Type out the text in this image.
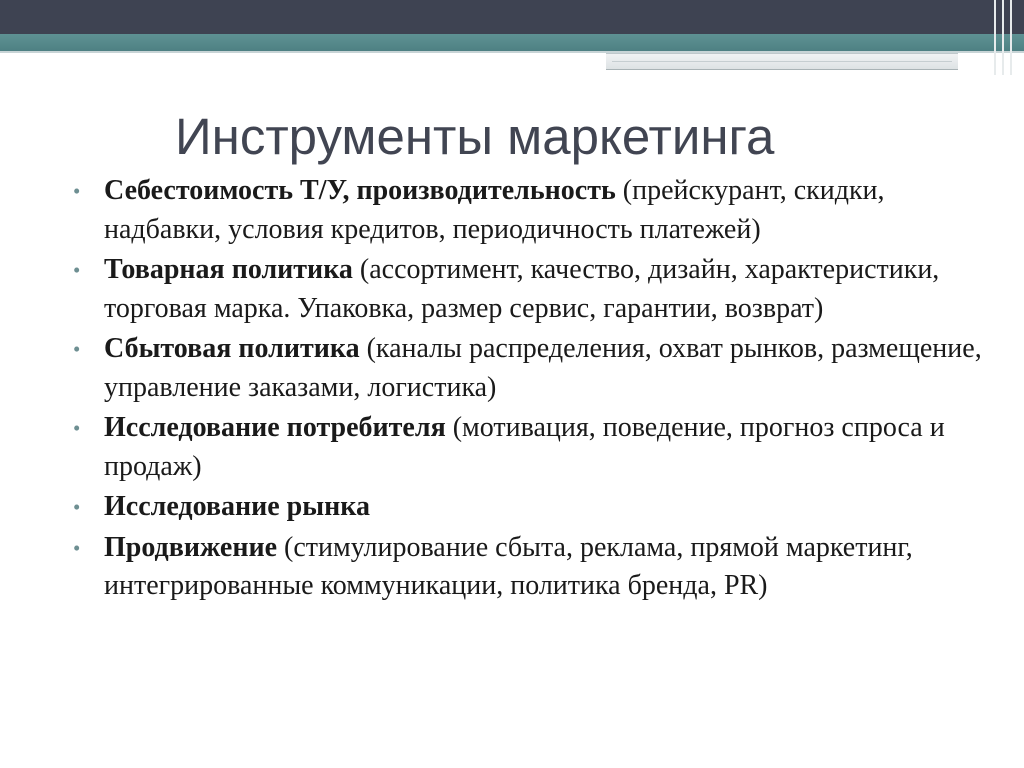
Инструменты маркетинга
• Себестоимость Т/У, производительность (прейскурант, скидки, надбавки, условия кредитов, периодичность платежей)
• Товарная политика (ассортимент, качество, дизайн, характеристики, торговая марка. Упаковка, размер сервис, гарантии, возврат)
• Сбытовая политика (каналы распределения, охват рынков, размещение, управление заказами, логистика)
• Исследование потребителя (мотивация, поведение, прогноз спроса и продаж)
• Исследование рынка
• Продвижение (стимулирование сбыта, реклама, прямой маркетинг, интегрированные коммуникации, политика бренда, PR)
